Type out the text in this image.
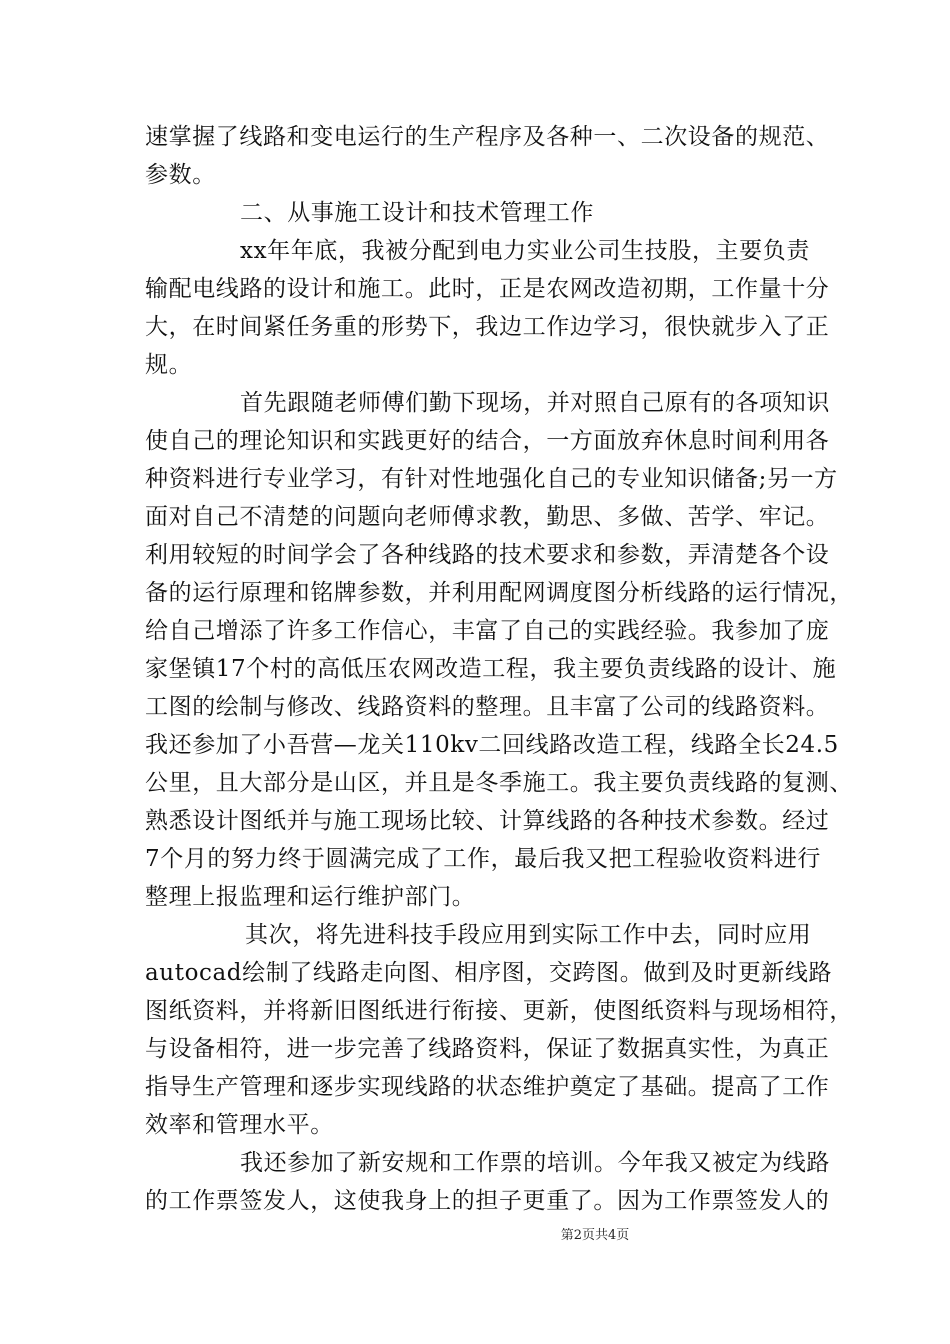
速掌握了线路和变电运行的生产程序及各种一、二次设备的规范、
参数。
二、从事施工设计和技术管理工作
xx年年底，我被分配到电力实业公司生技股，主要负责
输配电线路的设计和施工。此时，正是农网改造初期，工作量十分
大，在时间紧任务重的形势下，我边工作边学习，很快就步入了正
规。
首先跟随老师傅们勤下现场，并对照自己原有的各项知识
使自己的理论知识和实践更好的结合，一方面放弃休息时间利用各
种资料进行专业学习，有针对性地强化自己的专业知识储备;另一方
面对自己不清楚的问题向老师傅求教，勤思、多做、苦学、牢记。
利用较短的时间学会了各种线路的技术要求和参数，弄清楚各个设
备的运行原理和铭牌参数，并利用配网调度图分析线路的运行情况，
给自己增添了许多工作信心，丰富了自己的实践经验。我参加了庞
家堡镇17个村的高低压农网改造工程，我主要负责线路的设计、施
工图的绘制与修改、线路资料的整理。且丰富了公司的线路资料。
我还参加了小吾营—龙关110kv二回线路改造工程，线路全长24.5
公里，且大部分是山区，并且是冬季施工。我主要负责线路的复测、
熟悉设计图纸并与施工现场比较、计算线路的各种技术参数。经过
7个月的努力终于圆满完成了工作，最后我又把工程验收资料进行
整理上报监理和运行维护部门。
其次，将先进科技手段应用到实际工作中去，同时应用
autocad绘制了线路走向图、相序图，交跨图。做到及时更新线路
图纸资料，并将新旧图纸进行衔接、更新，使图纸资料与现场相符，
与设备相符，进一步完善了线路资料，保证了数据真实性，为真正
指导生产管理和逐步实现线路的状态维护奠定了基础。提高了工作
效率和管理水平。
我还参加了新安规和工作票的培训。今年我又被定为线路
的工作票签发人，这使我身上的担子更重了。因为工作票签发人的
第2页共4页
